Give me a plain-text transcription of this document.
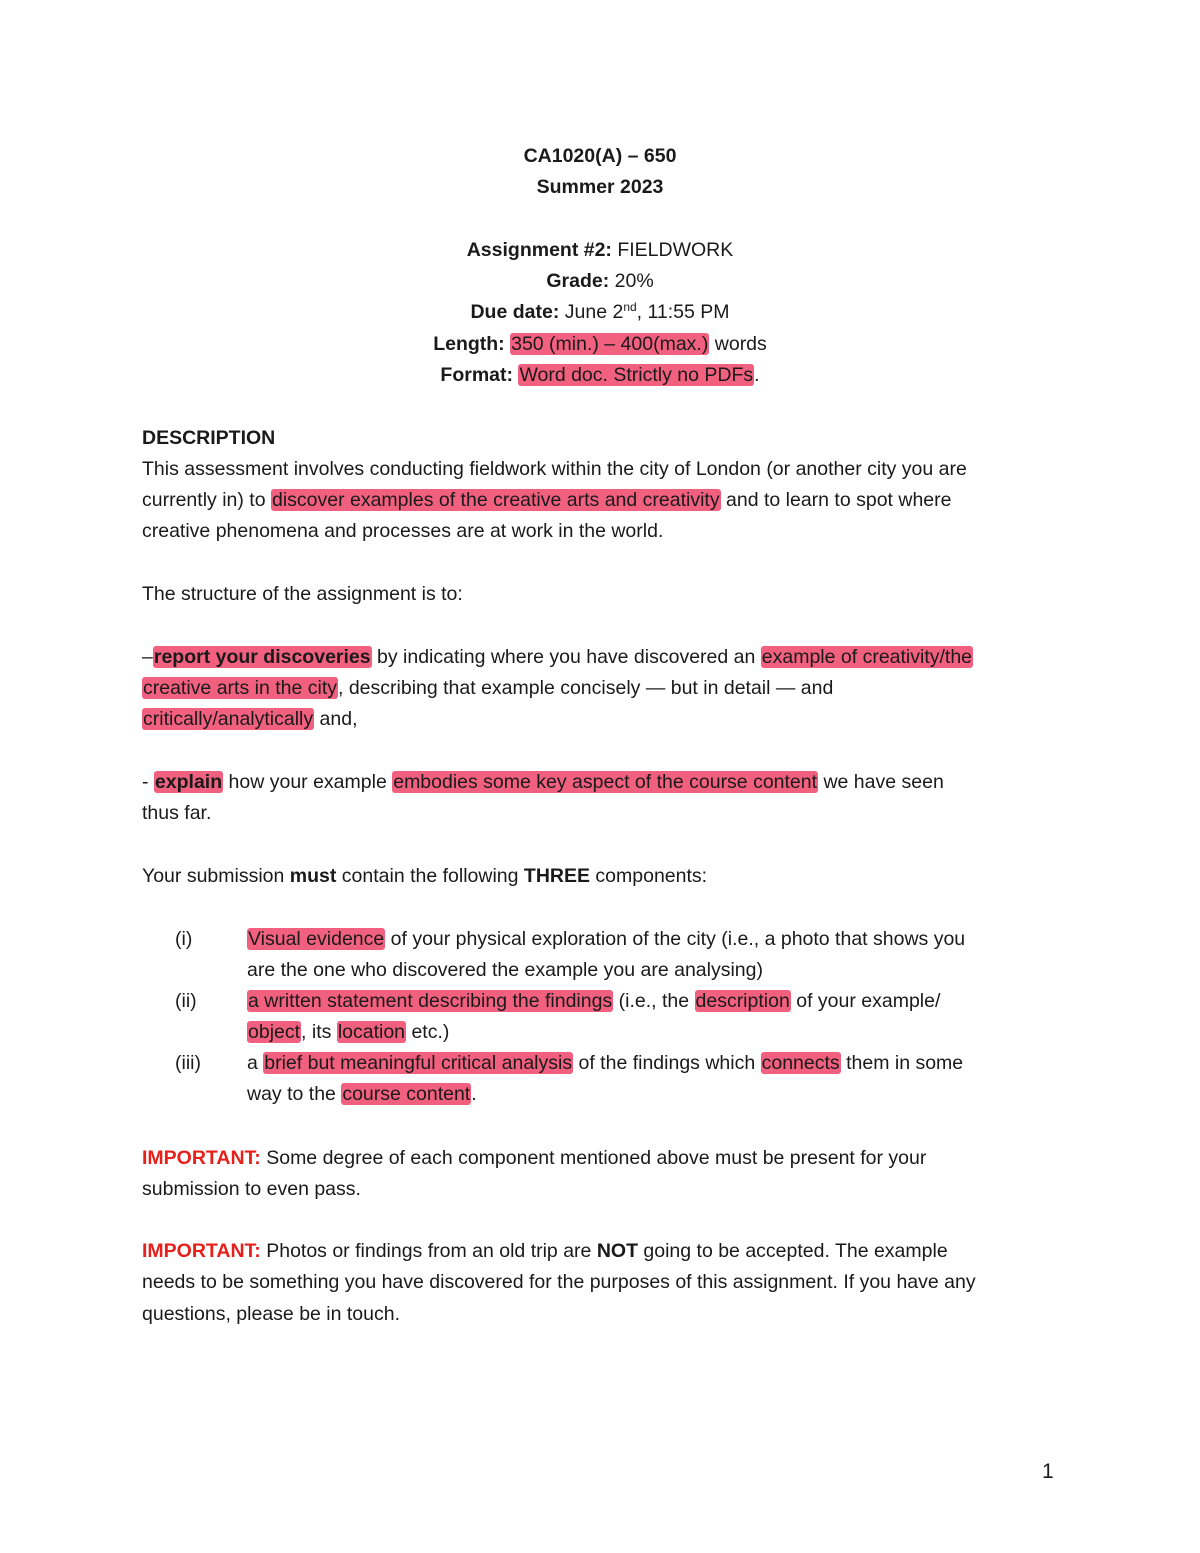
CA1020(A) – 650
Summer 2023
Assignment #2: FIELDWORK
Grade: 20%
Due date: June 2nd, 11:55 PM
Length: 350 (min.) – 400(max.) words
Format: Word doc. Strictly no PDFs.
DESCRIPTION
This assessment involves conducting fieldwork within the city of London (or another city you are
currently in) to discover examples of the creative arts and creativity and to learn to spot where
creative phenomena and processes are at work in the world.
The structure of the assignment is to:
–report your discoveries by indicating where you have discovered an example of creativity/the
creative arts in the city, describing that example concisely — but in detail — and
critically/analytically and,
- explain how your example embodies some key aspect of the course content we have seen
thus far.
Your submission must contain the following THREE components:
(i)	Visual evidence of your physical exploration of the city (i.e., a photo that shows you
are the one who discovered the example you are analysing)
(ii)	a written statement describing the findings (i.e., the description of your example/
object, its location etc.)
(iii) a brief but meaningful critical analysis of the findings which connects them in some
way to the course content.
IMPORTANT: Some degree of each component mentioned above must be present for your
submission to even pass.
IMPORTANT: Photos or findings from an old trip are NOT going to be accepted. The example
needs to be something you have discovered for the purposes of this assignment. If you have any
questions, please be in touch.
1
